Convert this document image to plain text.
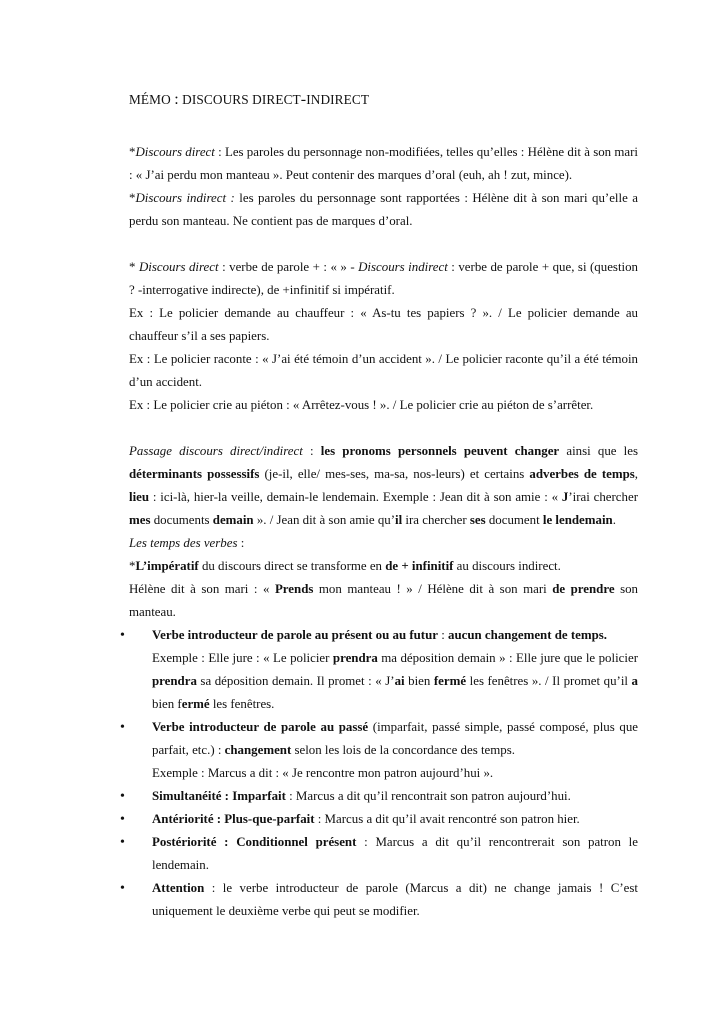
MÉMO : DISCOURS DIRECT-INDIRECT

*Discours direct : Les paroles du personnage non-modifiées, telles qu’elles : Hélène dit à son mari : « J’ai perdu mon manteau ». Peut contenir des marques d’oral (euh, ah ! zut, mince).

*Discours indirect : les paroles du personnage sont rapportées : Hélène dit à son mari qu’elle a perdu son manteau. Ne contient pas de marques d’oral.

* Discours direct : verbe de parole + : « » - Discours indirect : verbe de parole + que, si (question ? -interrogative indirecte), de +infinitif si impératif.

Ex : Le policier demande au chauffeur : « As-tu tes papiers ? ». / Le policier demande au chauffeur s’il a ses papiers.

Ex : Le policier raconte : « J’ai été témoin d’un accident ». / Le policier raconte qu’il a été témoin d’un accident.

Ex : Le policier crie au piéton : « Arrêtez-vous ! ». / Le policier crie au piéton de s’arrêter.

Passage discours direct/indirect : les pronoms personnels peuvent changer ainsi que les déterminants possessifs (je-il, elle/ mes-ses, ma-sa, nos-leurs) et certains adverbes de temps, lieu : ici-là, hier-la veille, demain-le lendemain. Exemple : Jean dit à son amie : « J’irai chercher mes documents demain ». / Jean dit à son amie qu’il ira chercher ses document le lendemain.

Les temps des verbes :

*L’impératif du discours direct se transforme en de + infinitif au discours indirect.

Hélène dit à son mari : « Prends mon manteau ! » / Hélène dit à son mari de prendre son manteau.

• Verbe introducteur de parole au présent ou au futur : aucun changement de temps.
Exemple : Elle jure : « Le policier prendra ma déposition demain » : Elle jure que le policier prendra sa déposition demain. Il promet : « J’ai bien fermé les fenêtres ». / Il promet qu’il a bien fermé les fenêtres.
• Verbe introducteur de parole au passé (imparfait, passé simple, passé composé, plus que parfait, etc.) : changement selon les lois de la concordance des temps.
Exemple : Marcus a dit : « Je rencontre mon patron aujourd’hui ».
• Simultanéité : Imparfait : Marcus a dit qu’il rencontrait son patron aujourd’hui.
• Antériorité : Plus-que-parfait : Marcus a dit qu’il avait rencontré son patron hier.
• Postériorité : Conditionnel présent : Marcus a dit qu’il rencontrerait son patron le lendemain.
• Attention : le verbe introducteur de parole (Marcus a dit) ne change jamais ! C’est uniquement le deuxième verbe qui peut se modifier.
